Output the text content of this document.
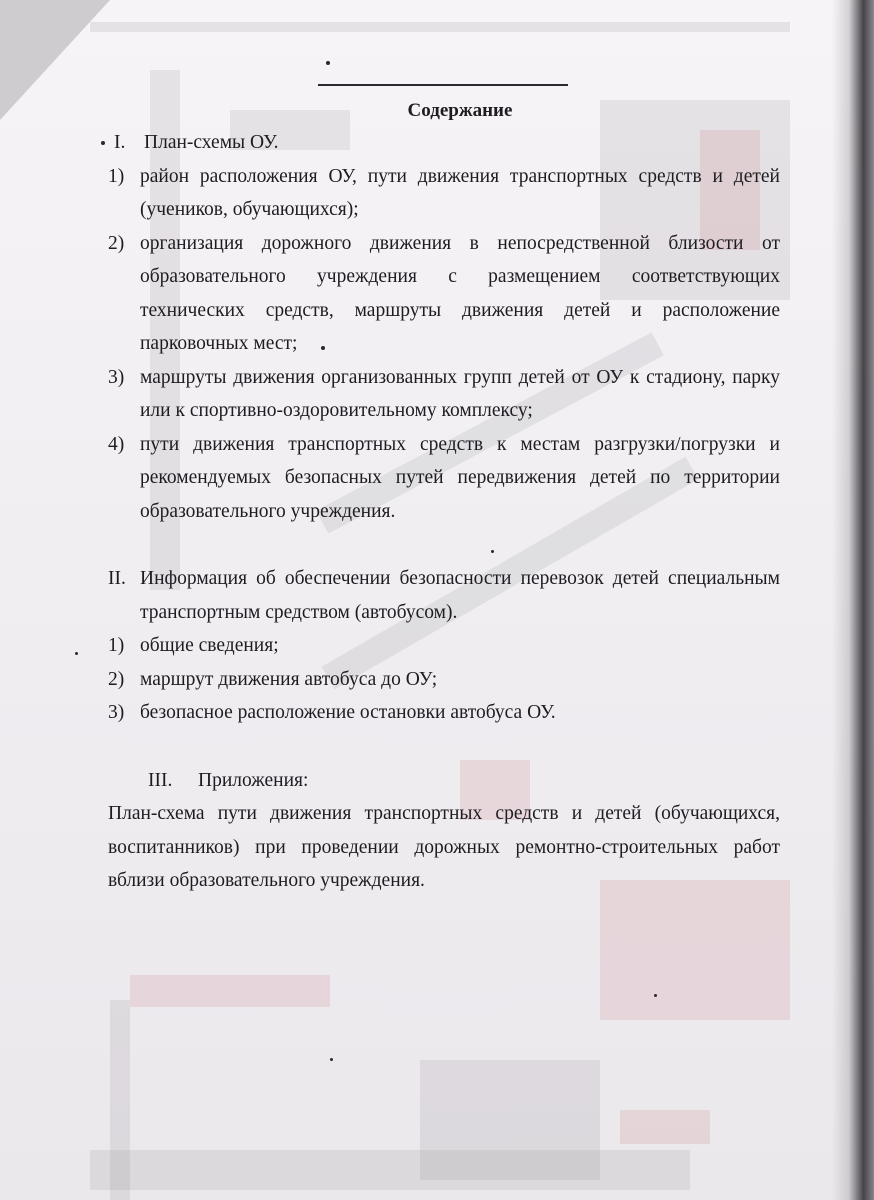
Содержание
I. План-схемы ОУ.
1) район расположения ОУ, пути движения транспортных средств и детей (учеников, обучающихся);
2) организация дорожного движения в непосредственной близости от образовательного учреждения с размещением соответствующих технических средств, маршруты движения детей и расположение парковочных мест;
3) маршруты движения организованных групп детей от ОУ к стадиону, парку или к спортивно-оздоровительному комплексу;
4) пути движения транспортных средств к местам разгрузки/погрузки и рекомендуемых безопасных путей передвижения детей по территории образовательного учреждения.
II. Информация об обеспечении безопасности перевозок детей специальным транспортным средством (автобусом).
1) общие сведения;
2) маршрут движения автобуса до ОУ;
3) безопасное расположение остановки автобуса ОУ.
III.	Приложения:
План-схема пути движения транспортных средств и детей (обучающихся, воспитанников) при проведении дорожных ремонтно-строительных работ вблизи образовательного учреждения.
